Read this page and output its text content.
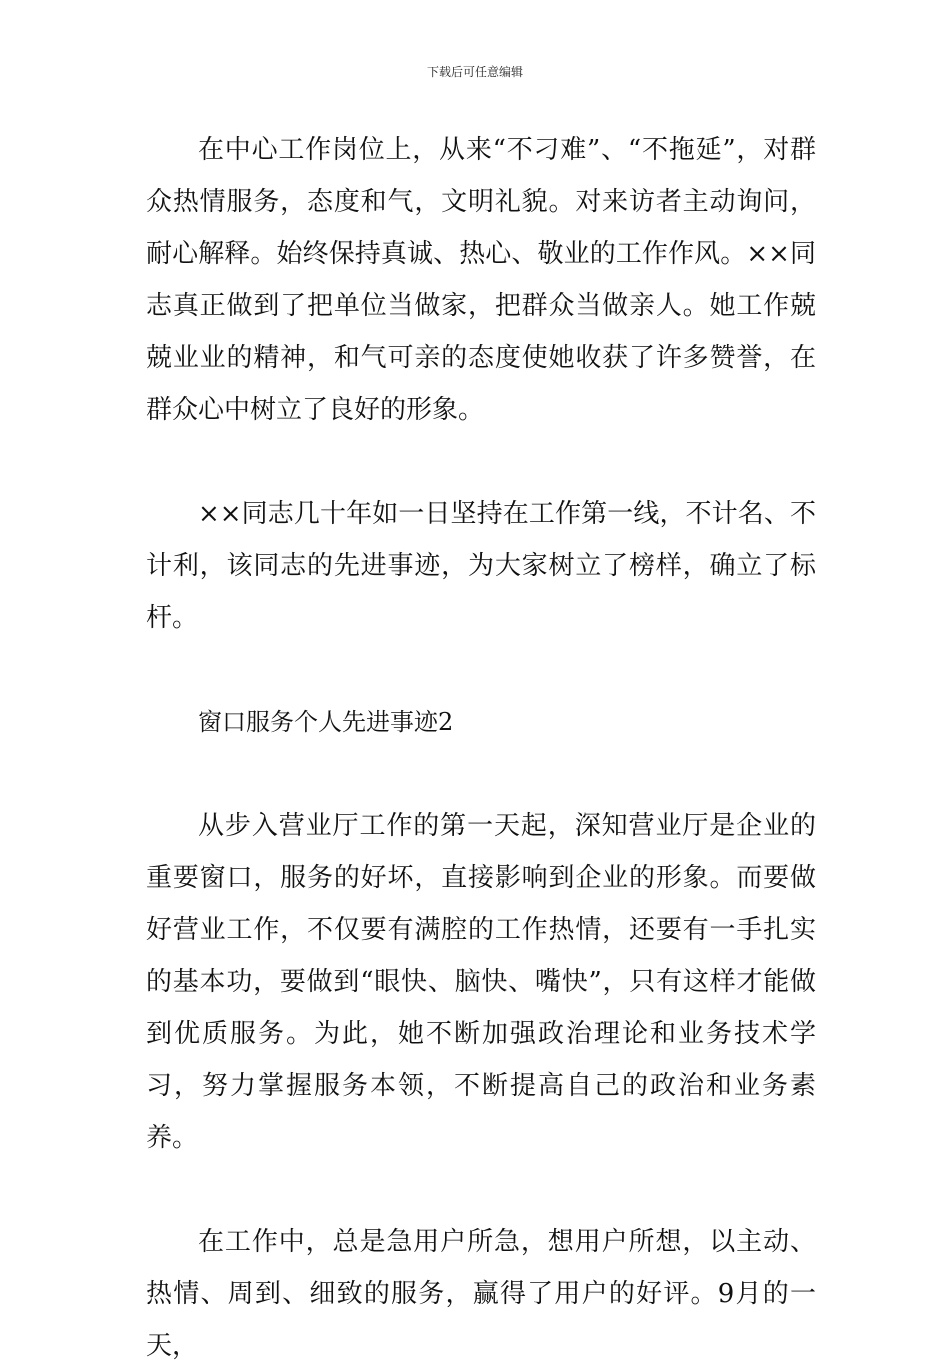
下载后可任意编辑

在中心工作岗位上，从来“不刁难”、“不拖延”，对群众热情服务，态度和气，文明礼貌。对来访者主动询问，耐心解释。始终保持真诚、热心、敬业的工作作风。××同志真正做到了把单位当做家，把群众当做亲人。她工作兢兢业业的精神，和气可亲的态度使她收获了许多赞誉，在群众心中树立了良好的形象。

××同志几十年如一日坚持在工作第一线，不计名、不计利，该同志的先进事迹，为大家树立了榜样，确立了标杆。

窗口服务个人先进事迹2

从步入营业厅工作的第一天起，深知营业厅是企业的重要窗口，服务的好坏，直接影响到企业的形象。而要做好营业工作，不仅要有满腔的工作热情，还要有一手扎实的基本功，要做到“眼快、脑快、嘴快”，只有这样才能做到优质服务。为此，她不断加强政治理论和业务技术学习，努力掌握服务本领，不断提高自己的政治和业务素养。

在工作中，总是急用户所急，想用户所想，以主动、热情、周到、细致的服务，赢得了用户的好评。9月的一天，
